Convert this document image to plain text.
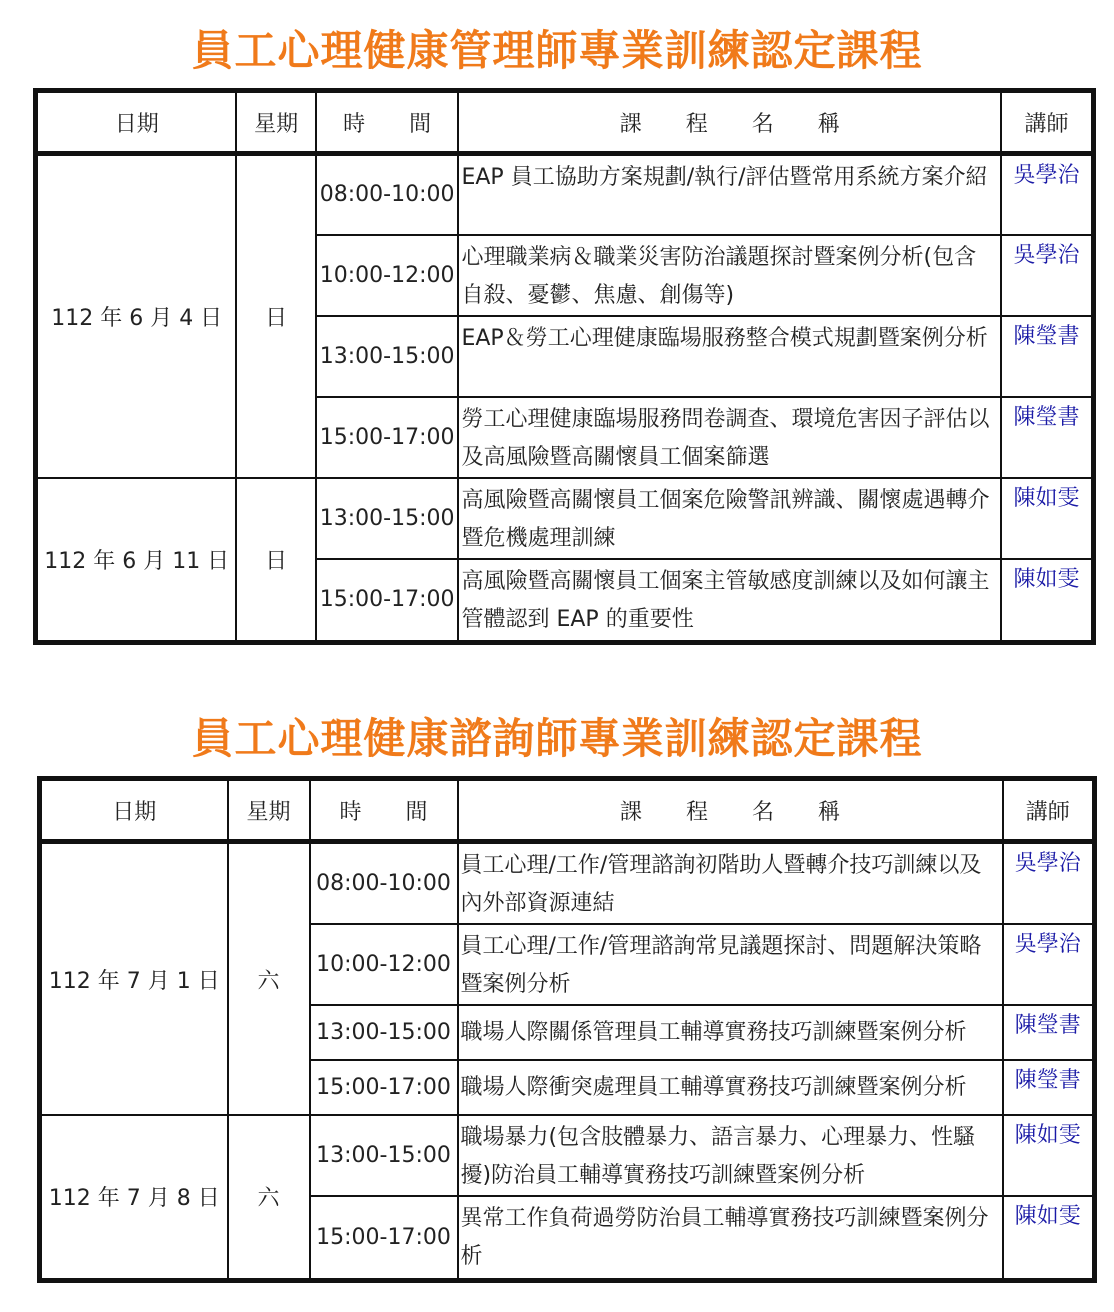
員工心理健康管理師專業訓練認定課程
日期	星期	時　　間	課　　程　　名　　稱	講師
112 年 6 月 4 日	日	08:00-10:00	EAP 員工協助方案規劃/執行/評估暨常用系統方案介紹	吳學治
		10:00-12:00	心理職業病＆職業災害防治議題探討暨案例分析(包含自殺、憂鬱、焦慮、創傷等)	吳學治
		13:00-15:00	EAP＆勞工心理健康臨場服務整合模式規劃暨案例分析	陳瑩書
		15:00-17:00	勞工心理健康臨場服務問卷調查、環境危害因子評估以及高風險暨高關懷員工個案篩選	陳瑩書
112 年 6 月 11 日	日	13:00-15:00	高風險暨高關懷員工個案危險警訊辨識、關懷處遇轉介暨危機處理訓練	陳如雯
		15:00-17:00	高風險暨高關懷員工個案主管敏感度訓練以及如何讓主管體認到 EAP 的重要性	陳如雯
員工心理健康諮詢師專業訓練認定課程
日期	星期	時　　間	課　　程　　名　　稱	講師
112 年 7 月 1 日	六	08:00-10:00	員工心理/工作/管理諮詢初階助人暨轉介技巧訓練以及內外部資源連結	吳學治
		10:00-12:00	員工心理/工作/管理諮詢常見議題探討、問題解決策略暨案例分析	吳學治
		13:00-15:00	職場人際關係管理員工輔導實務技巧訓練暨案例分析	陳瑩書
		15:00-17:00	職場人際衝突處理員工輔導實務技巧訓練暨案例分析	陳瑩書
112 年 7 月 8 日	六	13:00-15:00	職場暴力(包含肢體暴力、語言暴力、心理暴力、性騷擾)防治員工輔導實務技巧訓練暨案例分析	陳如雯
		15:00-17:00	異常工作負荷過勞防治員工輔導實務技巧訓練暨案例分析	陳如雯
